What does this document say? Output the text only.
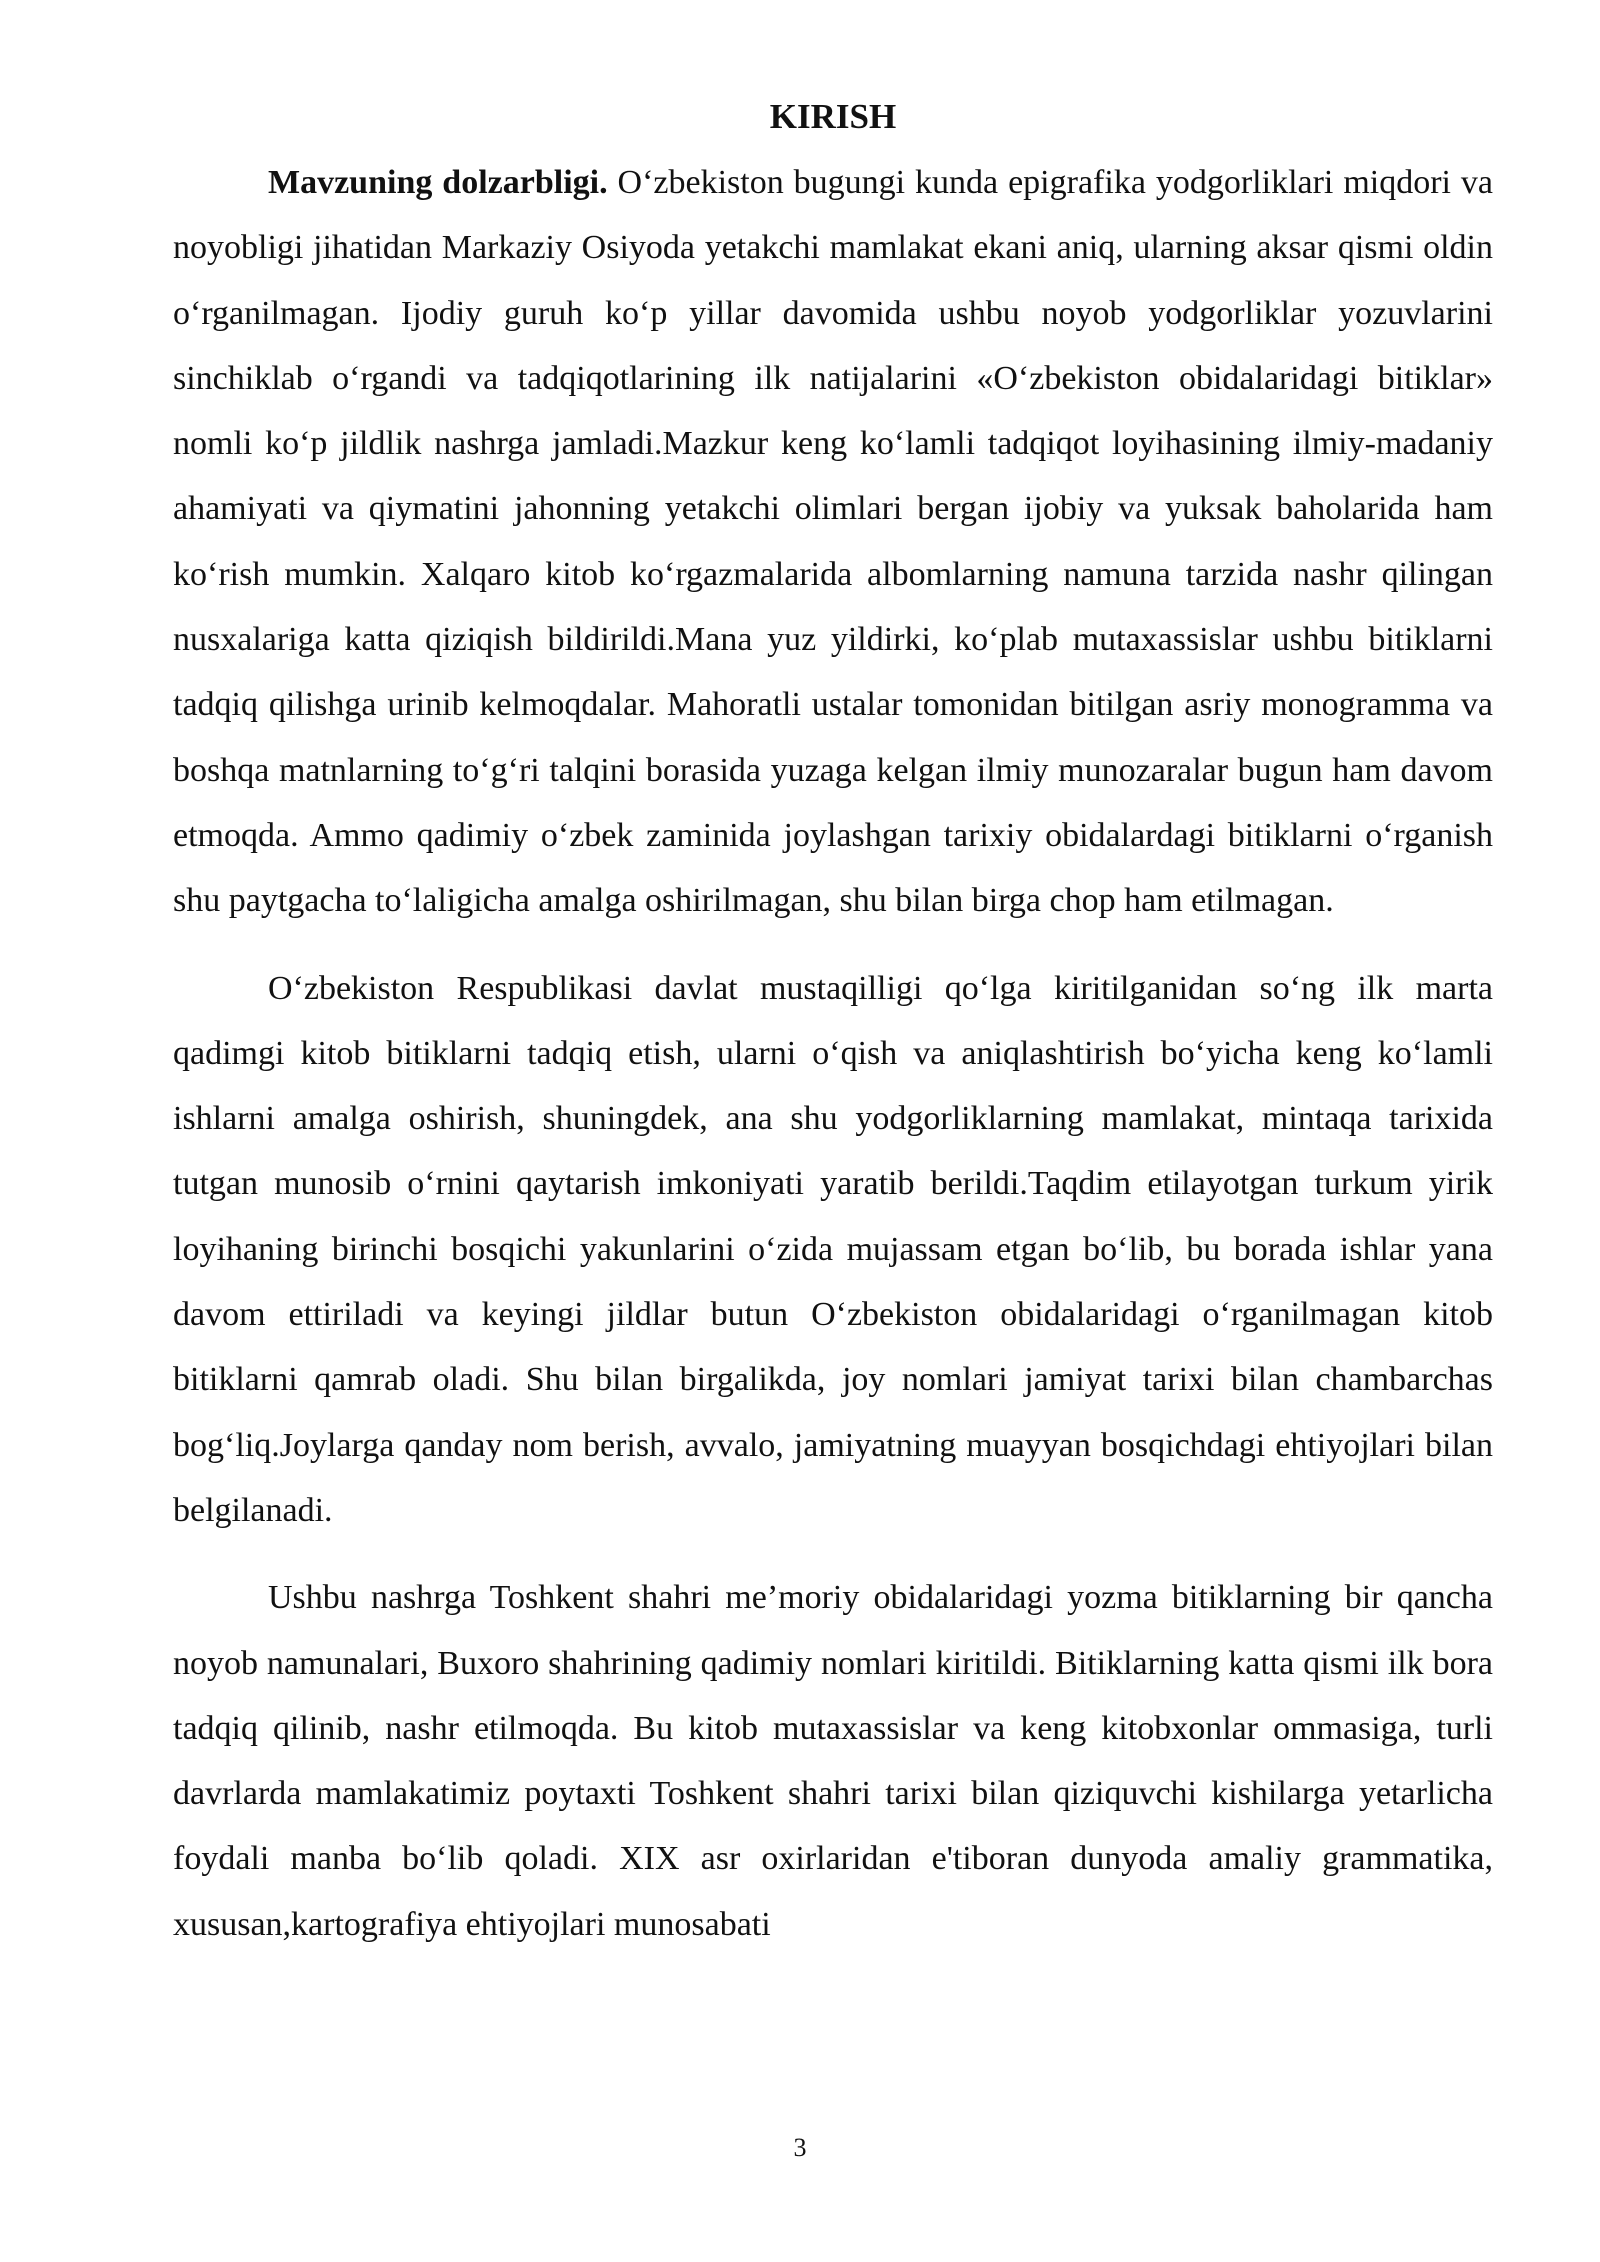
KIRISH

Mavzuning dolzarbligi. O‘zbekiston bugungi kunda epigrafika yodgorliklari miqdori va noyobligi jihatidan Markaziy Osiyoda yetakchi mamlakat ekani aniq, ularning aksar qismi oldin o‘rganilmagan. Ijodiy guruh ko‘p yillar davomida ushbu noyob yodgorliklar yozuvlarini sinchiklab o‘rgandi va tadqiqotlarining ilk natijalarini «O‘zbekiston obidalaridagi bitiklar» nomli ko‘p jildlik nashrga jamladi.Mazkur keng ko‘lamli tadqiqot loyihasining ilmiy-madaniy ahamiyati va qiymatini jahonning yetakchi olimlari bergan ijobiy va yuksak baholarida ham ko‘rish mumkin. Xalqaro kitob ko‘rgazmalarida albomlarning namuna tarzida nashr qilingan nusxalariga katta qiziqish bildirildi.Mana yuz yildirki, ko‘plab mutaxassislar ushbu bitiklarni tadqiq qilishga urinib kelmoqdalar. Mahoratli ustalar tomonidan bitilgan asriy monogramma va boshqa matnlarning to‘g‘ri talqini borasida yuzaga kelgan ilmiy munozaralar bugun ham davom etmoqda. Ammo qadimiy o‘zbek zaminida joylashgan tarixiy obidalardagi bitiklarni o‘rganish shu paytgacha to‘laligicha amalga oshirilmagan, shu bilan birga chop ham etilmagan.

O‘zbekiston Respublikasi davlat mustaqilligi qo‘lga kiritilganidan so‘ng ilk marta qadimgi kitob bitiklarni tadqiq etish, ularni o‘qish va aniqlashtirish bo‘yicha keng ko‘lamli ishlarni amalga oshirish, shuningdek, ana shu yodgorliklarning mamlakat, mintaqa tarixida tutgan munosib o‘rnini qaytarish imkoniyati yaratib berildi.Taqdim etilayotgan turkum yirik loyihaning birinchi bosqichi yakunlarini o‘zida mujassam etgan bo‘lib, bu borada ishlar yana davom ettiriladi va keyingi jildlar butun O‘zbekiston obidalaridagi o‘rganilmagan kitob bitiklarni qamrab oladi. Shu bilan birgalikda, joy nomlari jamiyat tarixi bilan chambarchas bog‘liq.Joylarga qanday nom berish, avvalo, jamiyatning muayyan bosqichdagi ehtiyojlari bilan belgilanadi.

Ushbu nashrga Toshkent shahri me’moriy obidalaridagi yozma bitiklarning bir qancha noyob namunalari, Buxoro shahrining qadimiy nomlari kiritildi. Bitiklarning katta qismi ilk bora tadqiq qilinib, nashr etilmoqda. Bu kitob mutaxassislar va keng kitobxonlar ommasiga, turli davrlarda mamlakatimiz poytaxti Toshkent shahri tarixi bilan qiziquvchi kishilarga yetarlicha foydali manba bo‘lib qoladi. XIX asr oxirlaridan e'tiboran dunyoda amaliy grammatika, xususan,kartografiya ehtiyojlari munosabati

3
